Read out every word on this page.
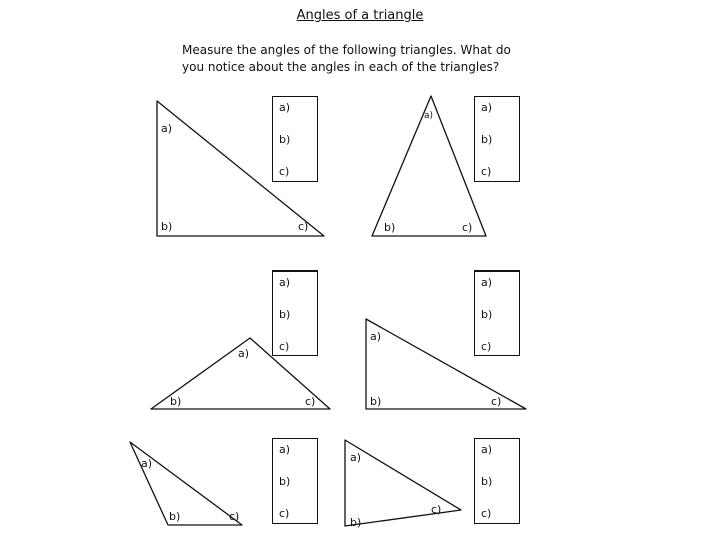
Angles of a triangle
Measure the angles of the following triangles. What do
you notice about the angles in each of the triangles?
a)
b)	c)
a)
b)	c)
a)
b)	c)
a)
b)	c)
a)
b)	c)
a)
b)
c)
a)
b)
c)
a)
b)
c)
a)
b)
c)
a)
b)
c)
a)
b)
c)
a)
b)
c)
